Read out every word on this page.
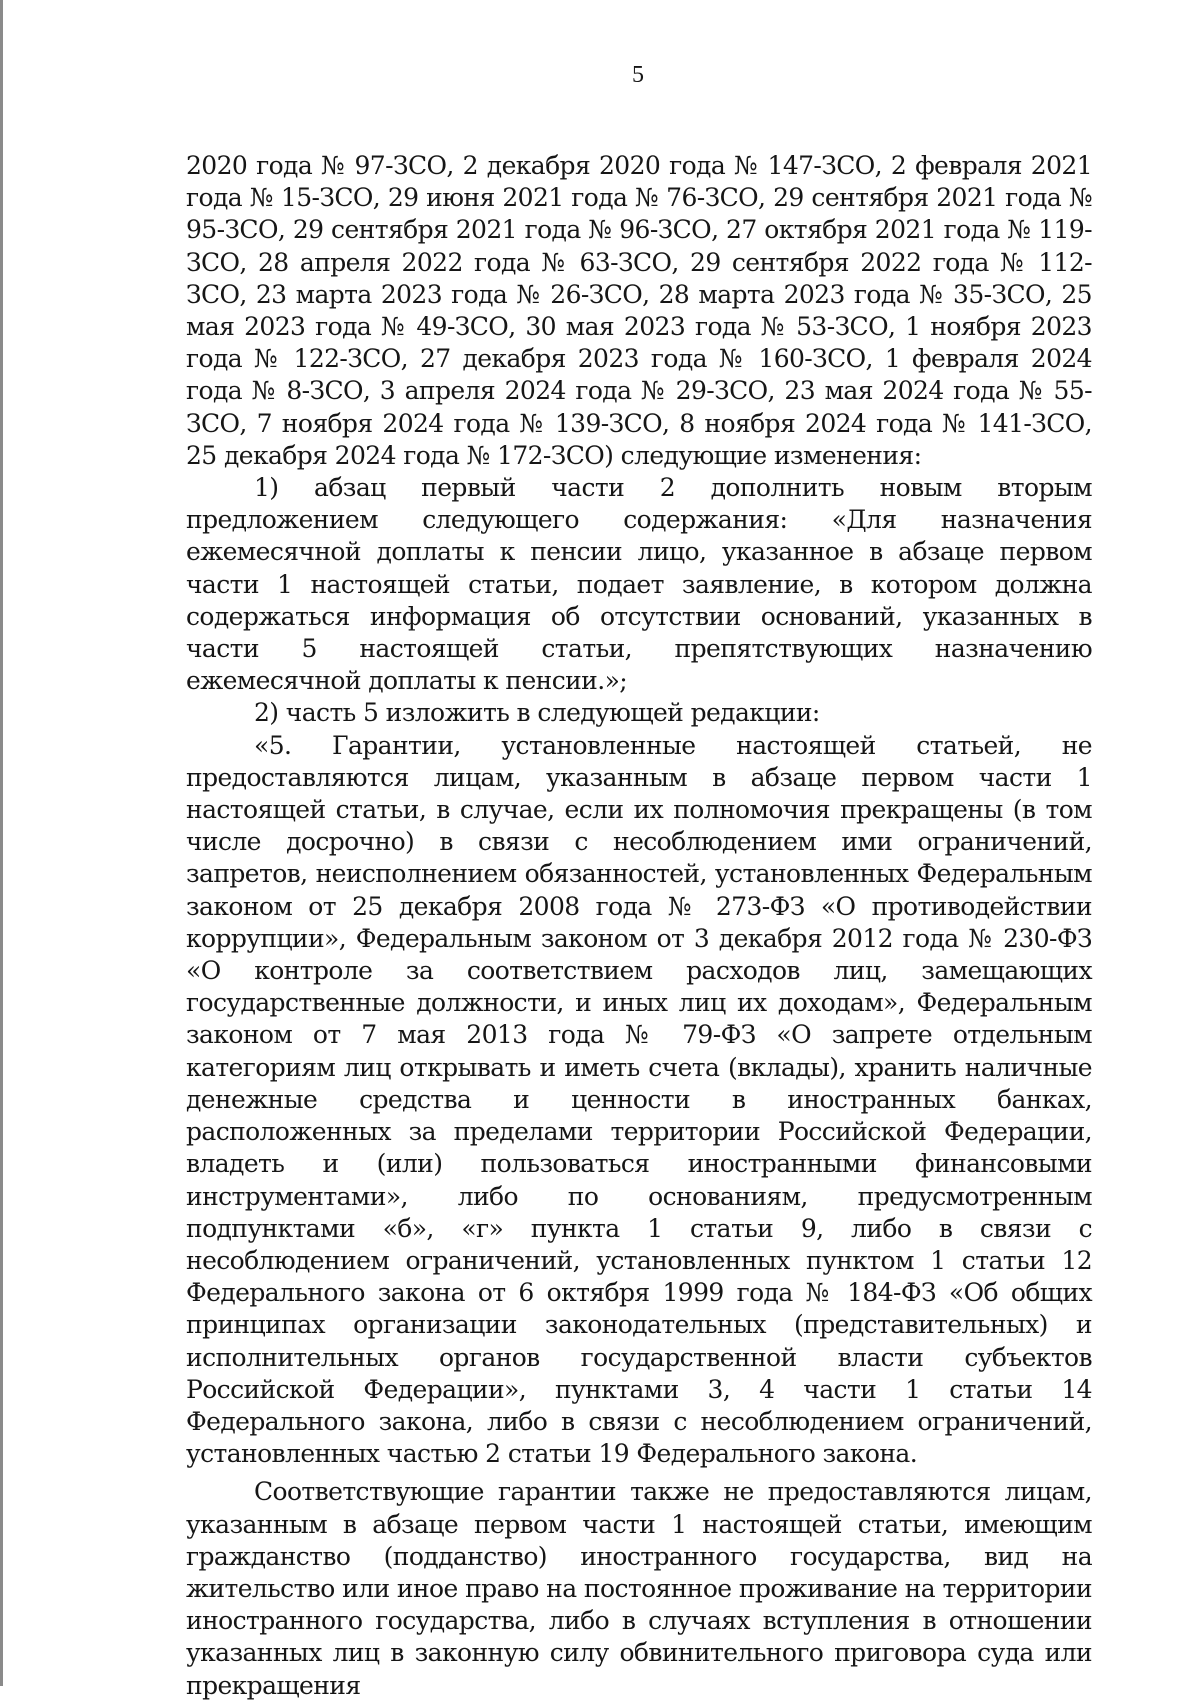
5

2020 года № 97-ЗСО, 2 декабря 2020 года № 147-ЗСО, 2 февраля 2021 года № 15-ЗСО, 29 июня 2021 года № 76-ЗСО, 29 сентября 2021 года № 95-ЗСО, 29 сентября 2021 года № 96-ЗСО, 27 октября 2021 года № 119-ЗСО, 28 апреля 2022 года № 63-ЗСО, 29 сентября 2022 года № 112-ЗСО, 23 марта 2023 года № 26-ЗСО, 28 марта 2023 года № 35-ЗСО, 25 мая 2023 года № 49-ЗСО, 30 мая 2023 года № 53-ЗСО, 1 ноября 2023 года № 122-ЗСО, 27 декабря 2023 года № 160-ЗСО, 1 февраля 2024 года № 8-ЗСО, 3 апреля 2024 года № 29-ЗСО, 23 мая 2024 года № 55-ЗСО, 7 ноября 2024 года № 139-ЗСО, 8 ноября 2024 года № 141-ЗСО, 25 декабря 2024 года № 172-ЗСО) следующие изменения:

1) абзац первый части 2 дополнить новым вторым предложением следующего содержания: «Для назначения ежемесячной доплаты к пенсии лицо, указанное в абзаце первом части 1 настоящей статьи, подает заявление, в котором должна содержаться информация об отсутствии оснований, указанных в части 5 настоящей статьи, препятствующих назначению ежемесячной доплаты к пенсии.»;

2) часть 5 изложить в следующей редакции:

«5. Гарантии, установленные настоящей статьей, не предоставляются лицам, указанным в абзаце первом части 1 настоящей статьи, в случае, если их полномочия прекращены (в том числе досрочно) в связи с несоблюдением ими ограничений, запретов, неисполнением обязанностей, установленных Федеральным законом от 25 декабря 2008 года № 273-ФЗ «О противодействии коррупции», Федеральным законом от 3 декабря 2012 года № 230-ФЗ «О контроле за соответствием расходов лиц, замещающих государственные должности, и иных лиц их доходам», Федеральным законом от 7 мая 2013 года № 79-ФЗ «О запрете отдельным категориям лиц открывать и иметь счета (вклады), хранить наличные денежные средства и ценности в иностранных банках, расположенных за пределами территории Российской Федерации, владеть и (или) пользоваться иностранными финансовыми инструментами», либо по основаниям, предусмотренным подпунктами «б», «г» пункта 1 статьи 9, либо в связи с несоблюдением ограничений, установленных пунктом 1 статьи 12 Федерального закона от 6 октября 1999 года № 184-ФЗ «Об общих принципах организации законодательных (представительных) и исполнительных органов государственной власти субъектов Российской Федерации», пунктами 3, 4 части 1 статьи 14 Федерального закона, либо в связи с несоблюдением ограничений, установленных частью 2 статьи 19 Федерального закона.

Соответствующие гарантии также не предоставляются лицам, указанным в абзаце первом части 1 настоящей статьи, имеющим гражданство (подданство) иностранного государства, вид на жительство или иное право на постоянное проживание на территории иностранного государства, либо в случаях вступления в отношении указанных лиц в законную силу обвинительного приговора суда или прекращения
